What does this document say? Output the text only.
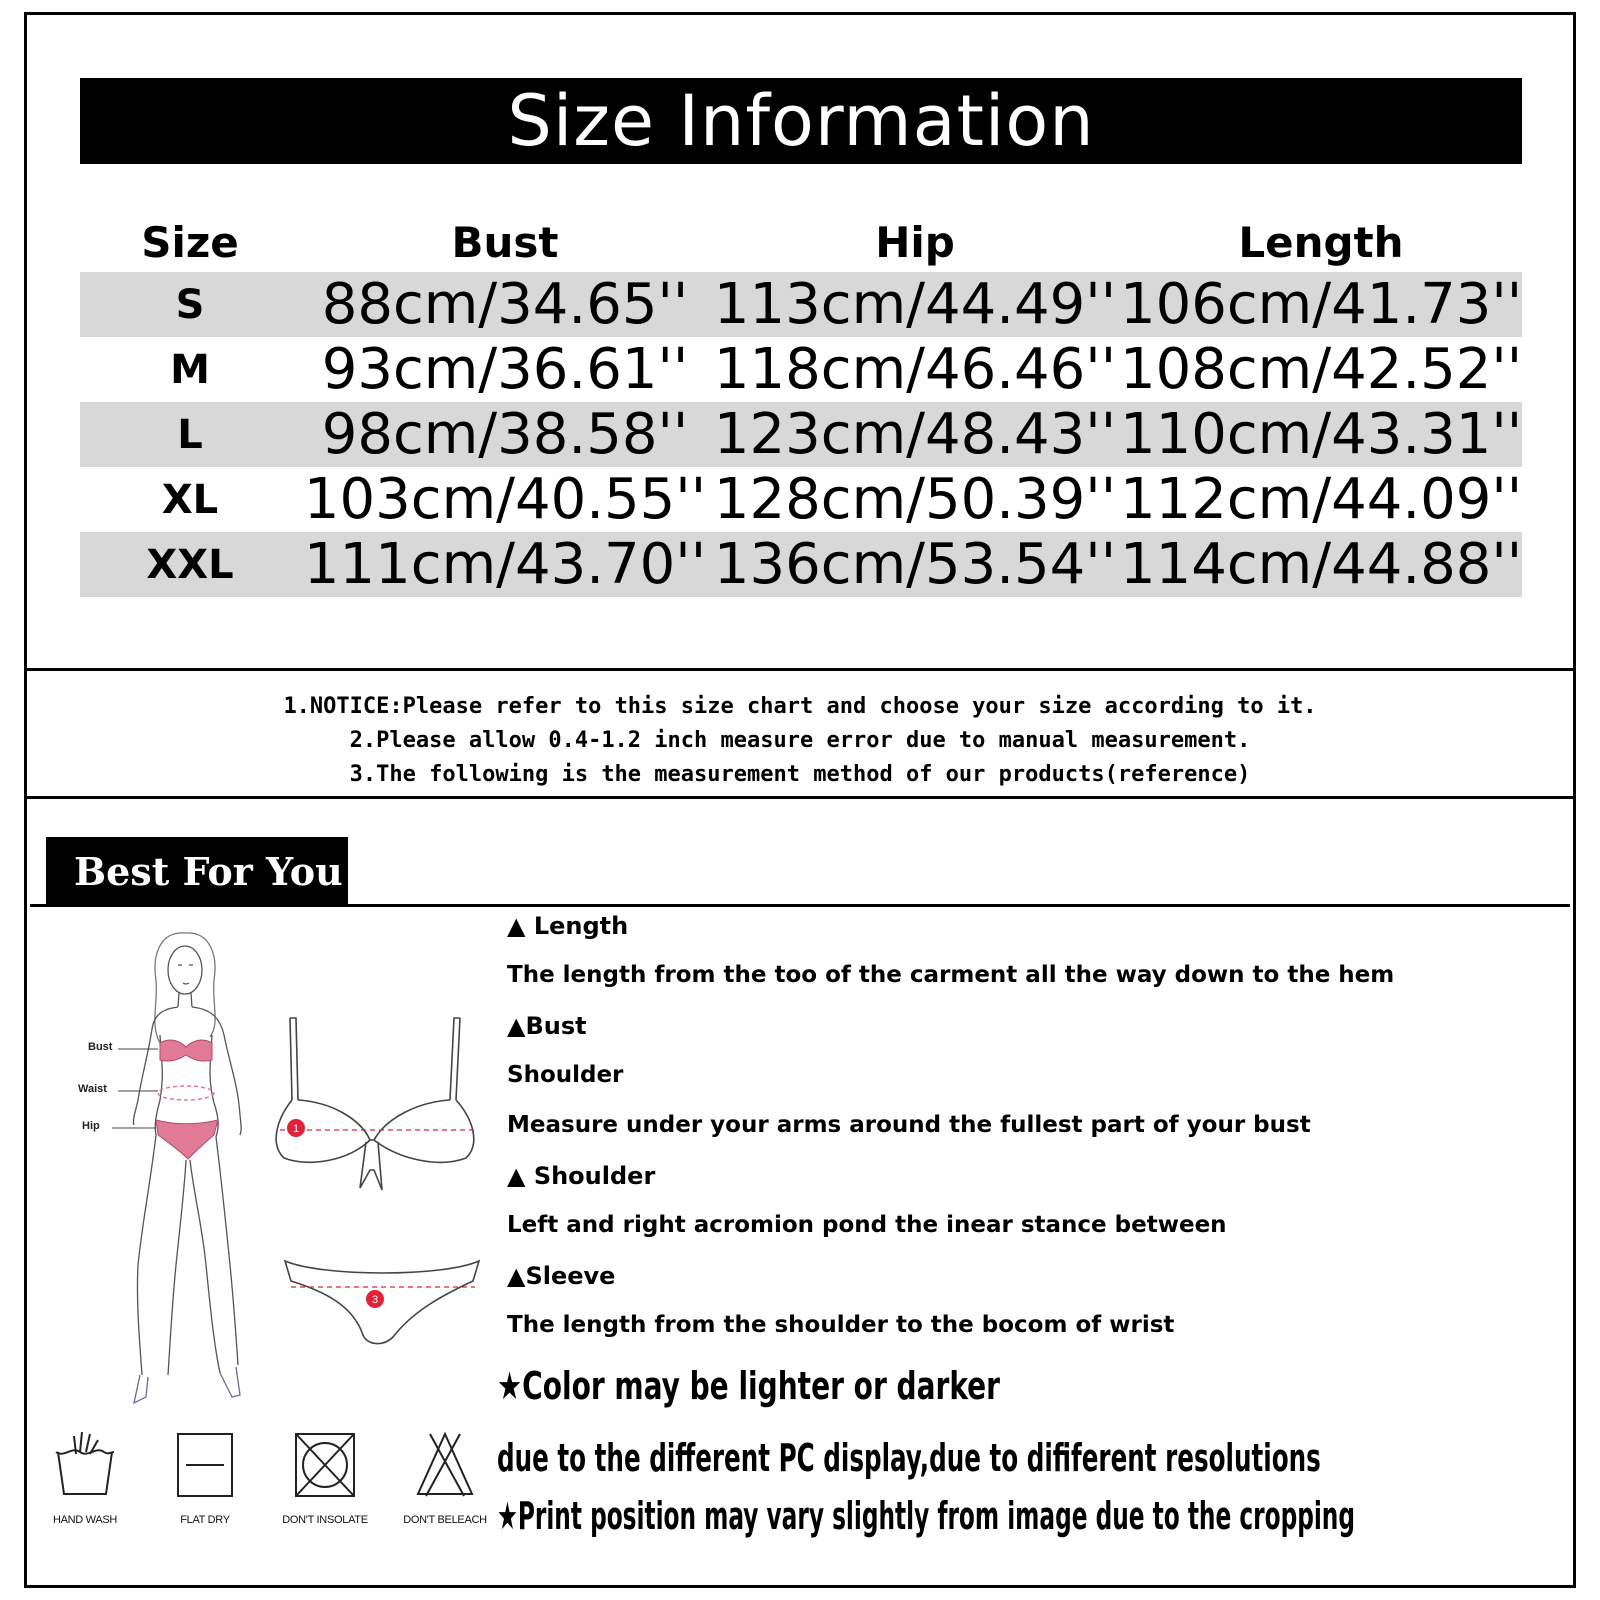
Size Information
Size	Bust	Hip	Length
S	88cm/34.65''	113cm/44.49''	106cm/41.73''
M	93cm/36.61''	118cm/46.46''	108cm/42.52''
L	98cm/38.58''	123cm/48.43''	110cm/43.31''
XL	103cm/40.55''	128cm/50.39''	112cm/44.09''
XXL	111cm/43.70''	136cm/53.54''	114cm/44.88''
1.NOTICE:Please refer to this size chart and choose your size according to it.
2.Please allow 0.4-1.2 inch measure error due to manual measurement.
3.The following is the measurement method of our products(reference)
Best For You
Bust
Waist
Hip	1
3
▲ Length
The length from the too of the carment all the way down to the hem
▲Bust
Shoulder
Measure under your arms around the fullest part of your bust
▲ Shoulder
Left and right acromion pond the inear stance between
▲Sleeve
The length from the shoulder to the bocom of wrist
★Color may be lighter or darker
due to the different PC display,due to dififerent resolutions
★Print position may vary slightly from image due to the cropping
HAND WASH	FLAT DRY	DON'T INSOLATE	DON'T BELEACH
